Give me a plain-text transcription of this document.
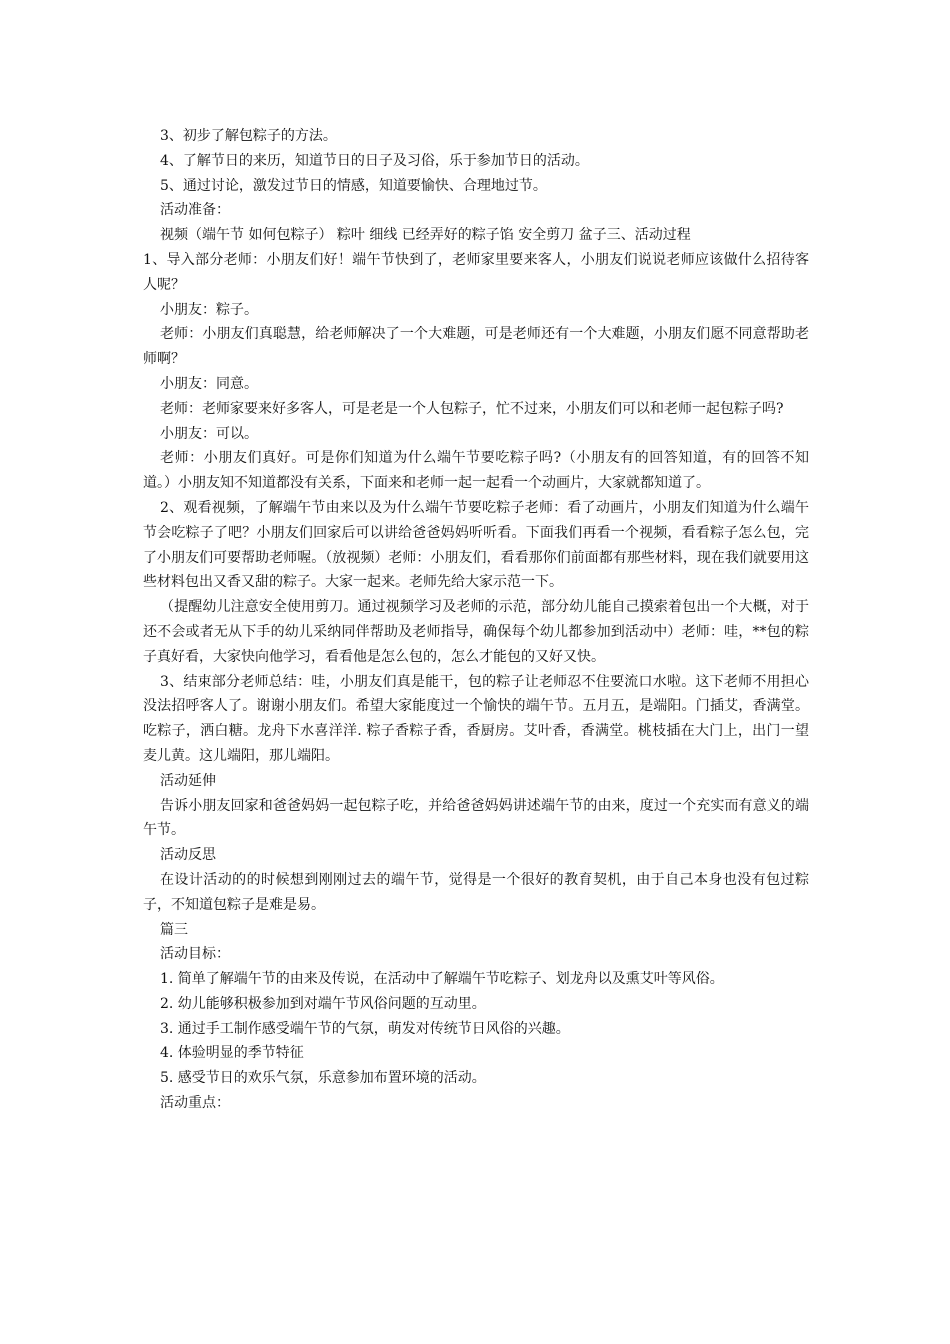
3、初步了解包粽子的方法。

4、了解节日的来历，知道节日的日子及习俗，乐于参加节日的活动。

5、通过讨论，激发过节日的情感，知道要愉快、合理地过节。

活动准备：

视频（端午节 如何包粽子） 粽叶 细线 已经弄好的粽子馅 安全剪刀 盆子三、活动过程

1、导入部分老师：小朋友们好！端午节快到了，老师家里要来客人，小朋友们说说老师应该做什么招待客人呢？

小朋友：粽子。

老师：小朋友们真聪慧，给老师解决了一个大难题，可是老师还有一个大难题，小朋友们愿不同意帮助老师啊？

小朋友：同意。

老师：老师家要来好多客人，可是老是一个人包粽子，忙不过来，小朋友们可以和老师一起包粽子吗?

小朋友：可以。

老师：小朋友们真好。可是你们知道为什么端午节要吃粽子吗?（小朋友有的回答知道，有的回答不知道。）小朋友知不知道都没有关系，下面来和老师一起一起看一个动画片，大家就都知道了。

2、观看视频，了解端午节由来以及为什么端午节要吃粽子老师：看了动画片，小朋友们知道为什么端午节会吃粽子了吧？小朋友们回家后可以讲给爸爸妈妈听听看。下面我们再看一个视频，看看粽子怎么包，完了小朋友们可要帮助老师喔。（放视频）老师：小朋友们，看看那你们前面都有那些材料，现在我们就要用这些材料包出又香又甜的粽子。大家一起来。老师先给大家示范一下。

（提醒幼儿注意安全使用剪刀。通过视频学习及老师的示范，部分幼儿能自己摸索着包出一个大概，对于还不会或者无从下手的幼儿采纳同伴帮助及老师指导，确保每个幼儿都参加到活动中）老师：哇，**包的粽子真好看，大家快向他学习，看看他是怎么包的，怎么才能包的又好又快。

3、结束部分老师总结：哇，小朋友们真是能干，包的粽子让老师忍不住要流口水啦。这下老师不用担心没法招呼客人了。谢谢小朋友们。希望大家能度过一个愉快的端午节。五月五，是端阳。门插艾，香满堂。吃粽子，洒白糖。龙舟下水喜洋洋. 粽子香粽子香，香厨房。艾叶香，香满堂。桃枝插在大门上，出门一望麦儿黄。这儿端阳，那儿端阳。

活动延伸

告诉小朋友回家和爸爸妈妈一起包粽子吃，并给爸爸妈妈讲述端午节的由来，度过一个充实而有意义的端午节。

活动反思

在设计活动的的时候想到刚刚过去的端午节，觉得是一个很好的教育契机，由于自己本身也没有包过粽子，不知道包粽子是难是易。

篇三

活动目标：

1. 简单了解端午节的由来及传说，在活动中了解端午节吃粽子、划龙舟以及熏艾叶等风俗。

2. 幼儿能够积极参加到对端午节风俗问题的互动里。

3. 通过手工制作感受端午节的气氛，萌发对传统节日风俗的兴趣。

4. 体验明显的季节特征

5. 感受节日的欢乐气氛，乐意参加布置环境的活动。

活动重点：
